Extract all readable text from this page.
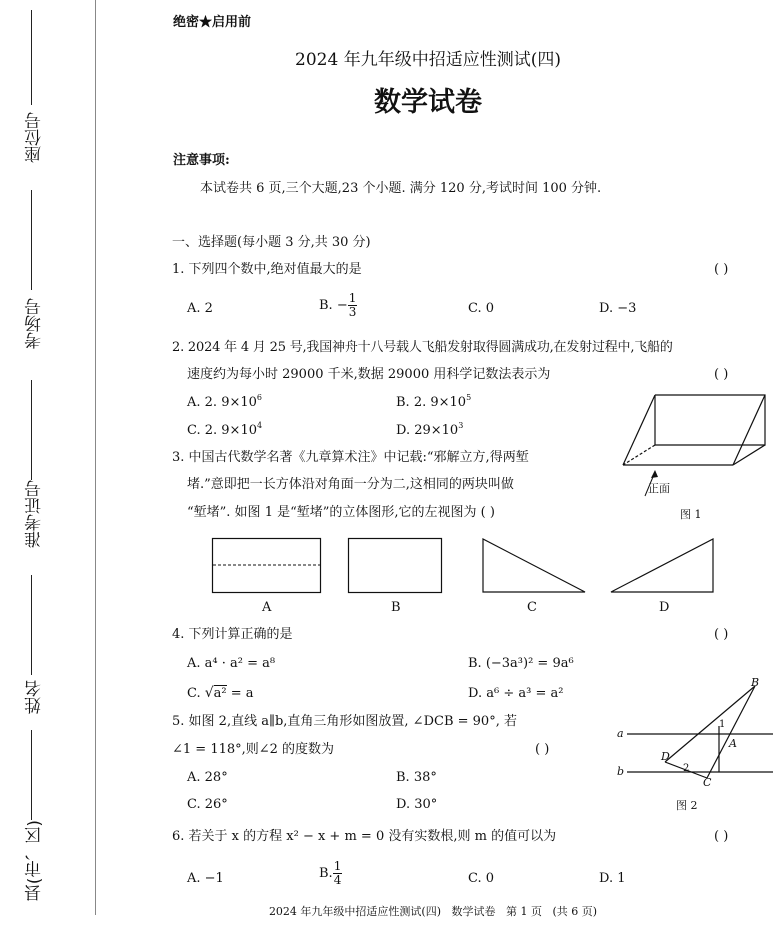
座位号
考场号
准考证号
姓名
县(市、区)
绝密★启用前
2024 年九年级中招适应性测试(四)
数学试卷
注意事项:
本试卷共 6 页,三个大题,23 个小题. 满分 120 分,考试时间 100 分钟.
一、选择题(每小题 3 分,共 30 分)
1. 下列四个数中,绝对值最大的是	( )
A. 2	B. − $\frac{1}{3}$	C. 0	D. −3
2. 2024 年 4 月 25 号,我国神舟十八号载人飞船发射取得圆满成功,在发射过程中,飞船的
速度约为每小时 29000 千米,数据 29000 用科学记数法表示为	( )
A. 2. $9\times 10^6$	B. 2. $9\times 10^5$
C. 2. $9\times 10^4$	D. $29\times 10^3$
正面
图 1
3. 中国古代数学名著《九章算术注》中记载:“邪解立方,得两堑
堵.”意即把一长方体沿对角面一分为二,这相同的两块叫做
“堑堵”. 如图 1 是“堑堵”的立体图形,它的左视图为 ( )
A	B	C	D
4. 下列计算正确的是	( )
A. a⁴ · a² = a⁸	B. (−3a³)² = 9a⁶
C. √a² = a	D. a⁶ ÷ a³ = a²
5. 如图 2,直线 a∥b,直角三角形如图放置, ∠DCB = 90°, 若
∠1 = 118°,则∠2 的度数为	( )
A. 28°	B. 38°
C. 26°	D. 30°
B
a
1
A
D
2
b
C
图 2
6. 若关于 x 的方程 x² − x + m = 0 没有实数根,则 m 的值可以为	( )
A. −1	B. $\frac{1}{4}$	C. 0	D. 1
2024 年九年级中招适应性测试(四)   数学试卷   第 1 页   (共 6 页)
